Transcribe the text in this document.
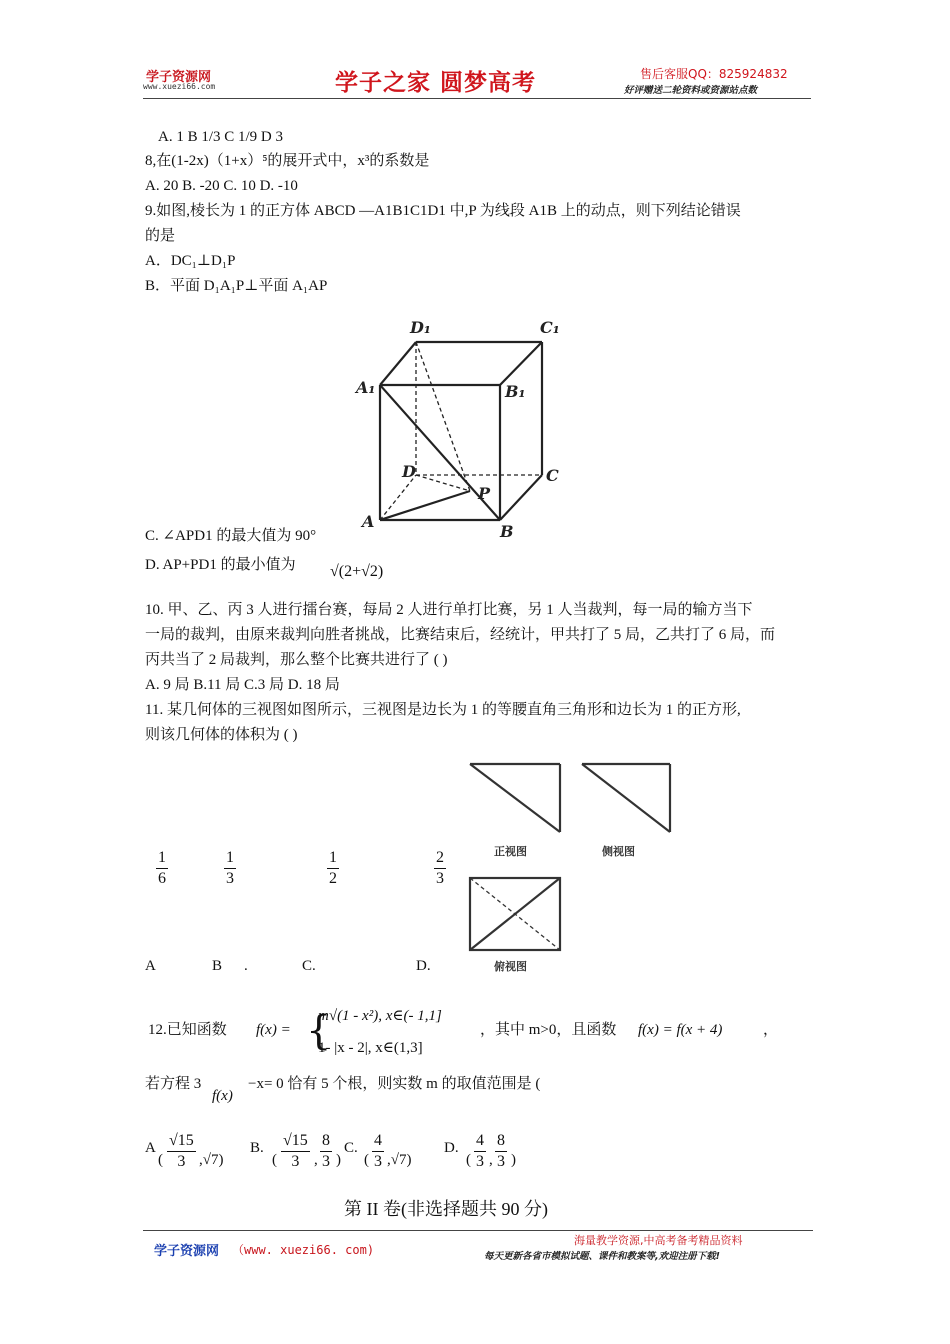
学子资源网
www.xuezi66.com	学子之家 圆梦高考	售后客服QQ：825924832
好评赠送二轮资料或资源站点数
A. 1 B 1/3 C 1/9 D 3
8,在(1-2x)（1+x）⁵的展开式中，x³的系数是
A. 20 B. -20 C. 10 D. -10
9.如图,棱长为 1 的正方体 ABCD —A1B1C1D1 中,P 为线段 A1B 上的动点，则下列结论错误
的是
A．DC₁⊥D₁P
B．平面 D₁A₁P⊥平面 A₁AP
D₁	C₁
A₁	B₁
D	C
A
B
P
C. ∠APD1 的最大值为 90°
D. AP+PD1 的最小值为 √(2+√2)
10. 甲、乙、丙 3 人进行擂台赛，每局 2 人进行单打比赛，另 1 人当裁判，每一局的输方当下
一局的裁判，由原来裁判向胜者挑战，比赛结束后，经统计，甲共打了 5 局，乙共打了 6 局，而
丙共当了 2 局裁判，那么整个比赛共进行了 ( )
A. 9 局 B.11 局 C.3 局 D. 18 局
11. 某几何体的三视图如图所示，三视图是边长为 1 的等腰直角三角形和边长为 1 的正方形,
则该几何体的体积为 ( )
正视图	侧视图
俯视图
$\frac{1}{6}$	$\frac{1}{3}$	$\frac{1}{2}$	$\frac{2}{3}$
A	B .	C.	D.
12.已知函数 f(x) = {
m√(1 - x²), x∈(- 1,1]
1- |x - 2|, x∈(1,3]
，其中 m>0，且函数 f(x) = f(x + 4)	，
若方程 3
f(x)
−x= 0 恰有 5 个根，则实数 m 的取值范围是 (
A
( $\frac{√15}{3} ,√7$)
B.
( $\frac{√15}{3}$ , $\frac{8}{3}$ )
C.
( $\frac{4}{3} ,√7$)
D.
( $\frac{4}{3}$ , $\frac{8}{3}$ )
第 II 卷(非选择题共 90 分)
学子资源网 （www. xuezi66. com)
海量教学资源,中高考备考精品资料
每天更新各省市模拟试题、课件和教案等,欢迎注册下载!
